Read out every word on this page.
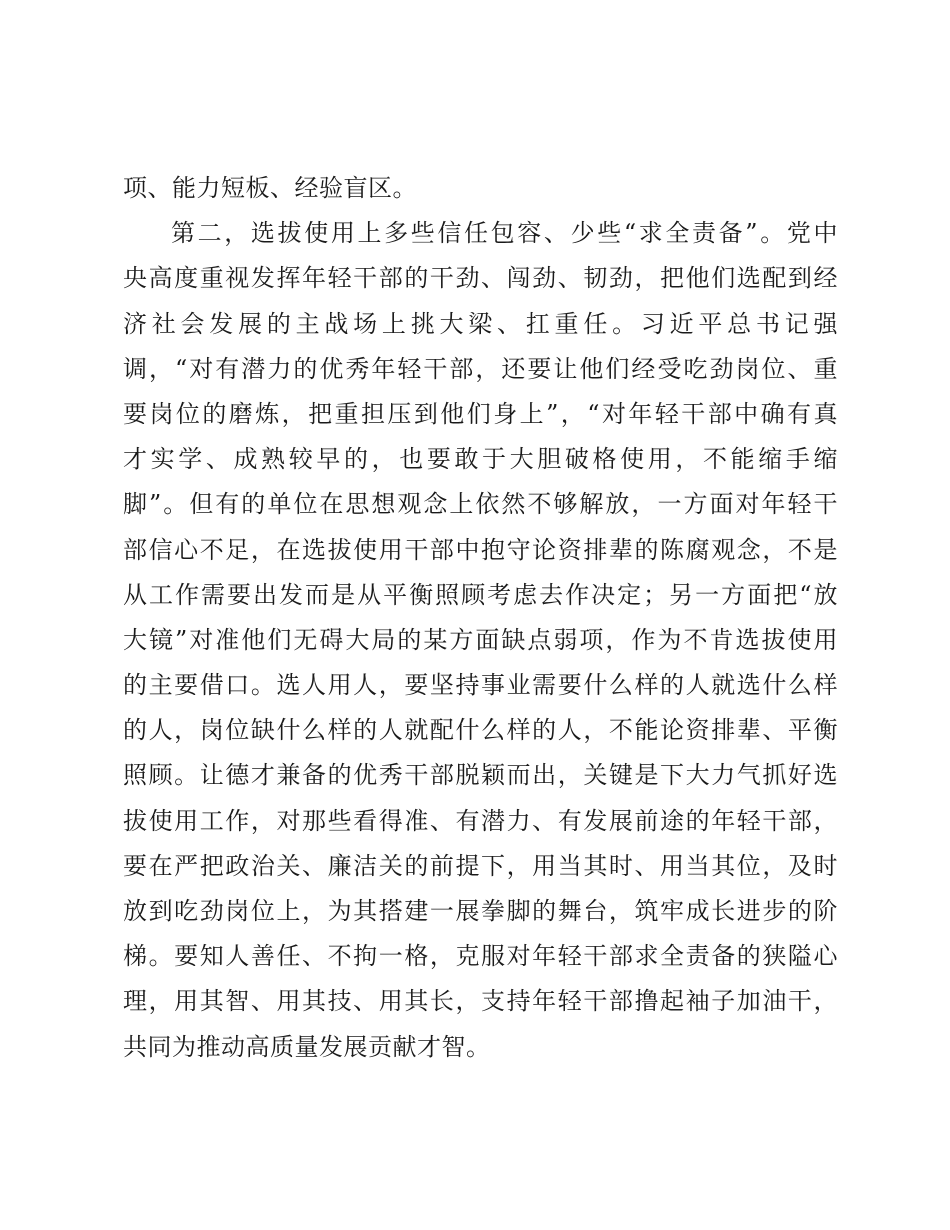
项、能力短板、经验盲区。
第二，选拔使用上多些信任包容、少些“求全责备”。党中
央高度重视发挥年轻干部的干劲、闯劲、韧劲，把他们选配到经
济社会发展的主战场上挑大梁、扛重任。习近平总书记强
调，“对有潜力的优秀年轻干部，还要让他们经受吃劲岗位、重
要岗位的磨炼，把重担压到他们身上”，“对年轻干部中确有真
才实学、成熟较早的，也要敢于大胆破格使用，不能缩手缩
脚”。但有的单位在思想观念上依然不够解放，一方面对年轻干
部信心不足，在选拔使用干部中抱守论资排辈的陈腐观念，不是
从工作需要出发而是从平衡照顾考虑去作决定；另一方面把“放
大镜”对准他们无碍大局的某方面缺点弱项，作为不肯选拔使用
的主要借口。选人用人，要坚持事业需要什么样的人就选什么样
的人，岗位缺什么样的人就配什么样的人，不能论资排辈、平衡
照顾。让德才兼备的优秀干部脱颖而出，关键是下大力气抓好选
拔使用工作，对那些看得准、有潜力、有发展前途的年轻干部，
要在严把政治关、廉洁关的前提下，用当其时、用当其位，及时
放到吃劲岗位上，为其搭建一展拳脚的舞台，筑牢成长进步的阶
梯。要知人善任、不拘一格，克服对年轻干部求全责备的狭隘心
理，用其智、用其技、用其长，支持年轻干部撸起袖子加油干，
共同为推动高质量发展贡献才智。
